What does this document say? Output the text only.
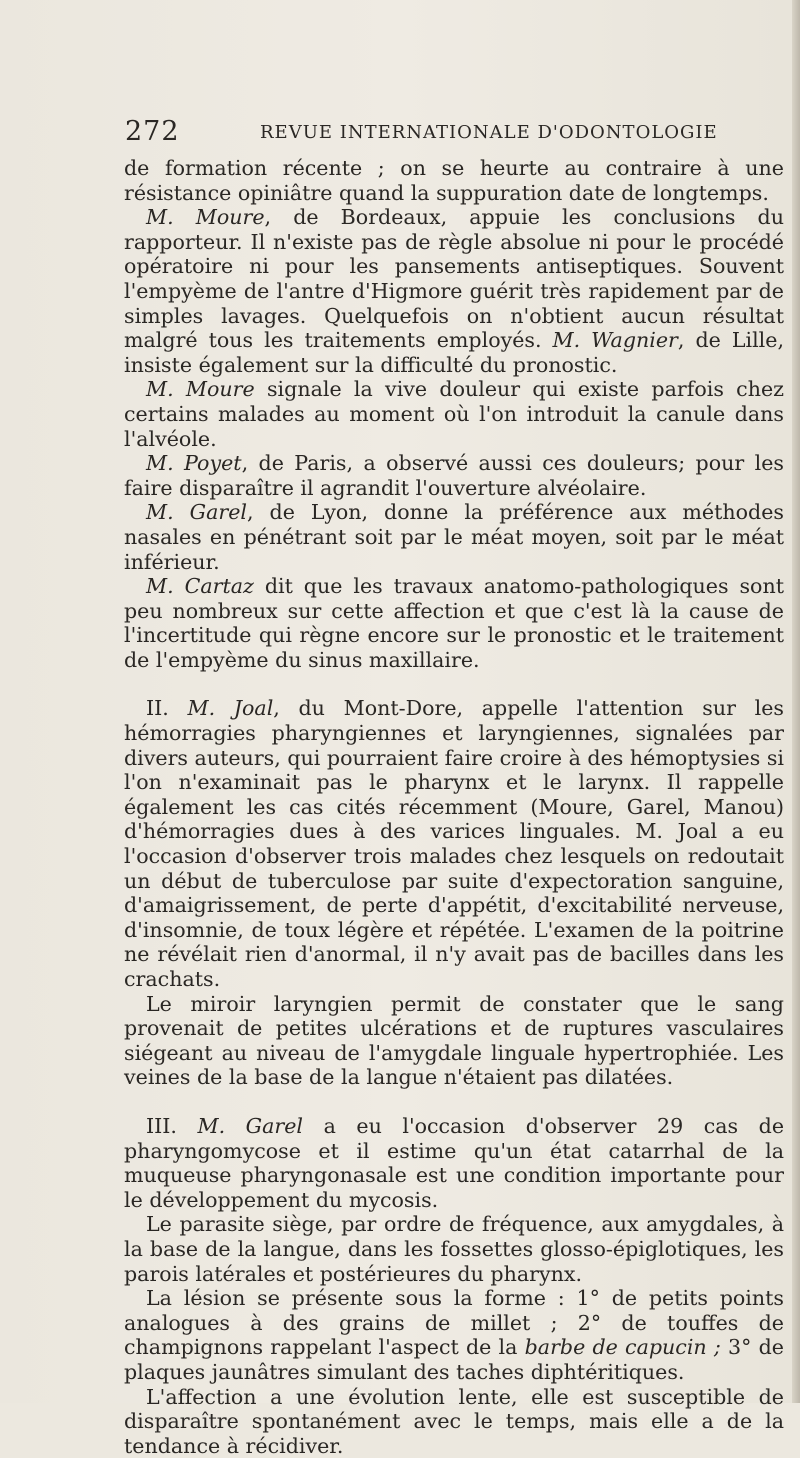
272	REVUE INTERNATIONALE D'ODONTOLOGIE

de formation récente ; on se heurte au contraire à une résistance opiniâtre quand la suppuration date de longtemps.

M. Moure, de Bordeaux, appuie les conclusions du rapporteur. Il n'existe pas de règle absolue ni pour le procédé opératoire ni pour les pansements antiseptiques. Souvent l'empyème de l'antre d'Higmore guérit très rapidement par de simples lavages. Quelquefois on n'obtient aucun résultat malgré tous les traitements employés. M. Wagnier, de Lille, insiste également sur la difficulté du pronostic.

M. Moure signale la vive douleur qui existe parfois chez certains malades au moment où l'on introduit la canule dans l'alvéole.

M. Poyet, de Paris, a observé aussi ces douleurs; pour les faire disparaître il agrandit l'ouverture alvéolaire.

M. Garel, de Lyon, donne la préférence aux méthodes nasales en pénétrant soit par le méat moyen, soit par le méat inférieur.

M. Cartaz dit que les travaux anatomo-pathologiques sont peu nombreux sur cette affection et que c'est là la cause de l'incertitude qui règne encore sur le pronostic et le traitement de l'empyème du sinus maxillaire.

II. M. Joal, du Mont-Dore, appelle l'attention sur les hémorragies pharyngiennes et laryngiennes, signalées par divers auteurs, qui pourraient faire croire à des hémoptysies si l'on n'examinait pas le pharynx et le larynx. Il rappelle également les cas cités récemment (Moure, Garel, Manou) d'hémorragies dues à des varices linguales. M. Joal a eu l'occasion d'observer trois malades chez lesquels on redoutait un début de tuberculose par suite d'expectoration sanguine, d'amaigrissement, de perte d'appétit, d'excitabilité nerveuse, d'insomnie, de toux légère et répétée. L'examen de la poitrine ne révélait rien d'anormal, il n'y avait pas de bacilles dans les crachats.

Le miroir laryngien permit de constater que le sang provenait de petites ulcérations et de ruptures vasculaires siégeant au niveau de l'amygdale linguale hypertrophiée. Les veines de la base de la langue n'étaient pas dilatées.

III. M. Garel a eu l'occasion d'observer 29 cas de pharyngomycose et il estime qu'un état catarrhal de la muqueuse pharyngonasale est une condition importante pour le développement du mycosis.

Le parasite siège, par ordre de fréquence, aux amygdales, à la base de la langue, dans les fossettes glosso-épiglotiques, les parois latérales et postérieures du pharynx.

La lésion se présente sous la forme : 1° de petits points analogues à des grains de millet ; 2° de touffes de champignons rappelant l'aspect de la barbe de capucin ; 3° de plaques jaunâtres simulant des taches diphtéritiques.

L'affection a une évolution lente, elle est susceptible de disparaître spontanément avec le temps, mais elle a de la tendance à récidiver.
